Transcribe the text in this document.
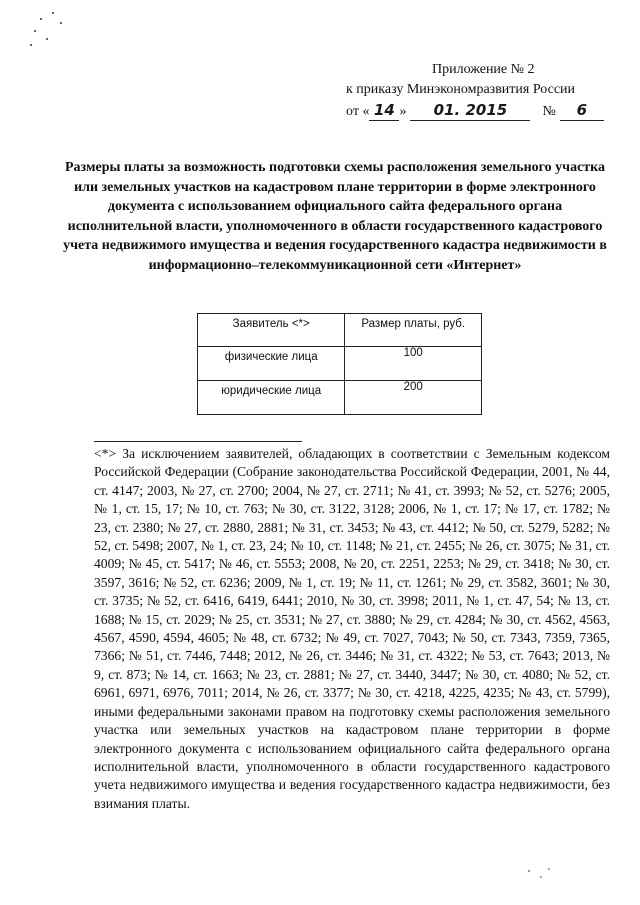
Приложение № 2
к приказу Минэкономразвития России
от « 14 »	01. 2015	№	6
Размеры платы за возможность подготовки схемы расположения земельного участка или земельных участков на кадастровом плане территории в форме электронного документа с использованием официального сайта федерального органа исполнительной власти, уполномоченного в области государственного кадастрового учета недвижимого имущества и ведения государственного кадастра недвижимости в информационно–телекоммуникационной сети «Интернет»
Заявитель <*>	Размер платы, руб.
физические лица	100
юридические лица	200
<*> За исключением заявителей, обладающих в соответствии с Земельным кодексом Российской Федерации (Собрание законодательства Российской Федерации, 2001, № 44, ст. 4147; 2003, № 27, ст. 2700; 2004, № 27, ст. 2711; № 41, ст. 3993; № 52, ст. 5276; 2005, № 1, ст. 15, 17; № 10, ст. 763; № 30, ст. 3122, 3128; 2006, № 1, ст. 17; № 17, ст. 1782; № 23, ст. 2380; № 27, ст. 2880, 2881; № 31, ст. 3453; № 43, ст. 4412; № 50, ст. 5279, 5282; № 52, ст. 5498; 2007, № 1, ст. 23, 24; № 10, ст. 1148; № 21, ст. 2455; № 26, ст. 3075; № 31, ст. 4009; № 45, ст. 5417; № 46, ст. 5553; 2008, № 20, ст. 2251, 2253; № 29, ст. 3418; № 30, ст. 3597, 3616; № 52, ст. 6236; 2009, № 1, ст. 19; № 11, ст. 1261; № 29, ст. 3582, 3601; № 30, ст. 3735; № 52, ст. 6416, 6419, 6441; 2010, № 30, ст. 3998; 2011, № 1, ст. 47, 54; № 13, ст. 1688; № 15, ст. 2029; № 25, ст. 3531; № 27, ст. 3880; № 29, ст. 4284; № 30, ст. 4562, 4563, 4567, 4590, 4594, 4605; № 48, ст. 6732; № 49, ст. 7027, 7043; № 50, ст. 7343, 7359, 7365, 7366; № 51, ст. 7446, 7448; 2012, № 26, ст. 3446; № 31, ст. 4322; № 53, ст. 7643; 2013, № 9, ст. 873; № 14, ст. 1663; № 23, ст. 2881; № 27, ст. 3440, 3447; № 30, ст. 4080; № 52, ст. 6961, 6971, 6976, 7011; 2014, № 26, ст. 3377; № 30, ст. 4218, 4225, 4235; № 43, ст. 5799), иными федеральными законами правом на подготовку схемы расположения земельного участка или земельных участков на кадастровом плане территории в форме электронного документа с использованием официального сайта федерального органа исполнительной власти, уполномоченного в области государственного кадастрового учета недвижимого имущества и ведения государственного кадастра недвижимости, без взимания платы.
